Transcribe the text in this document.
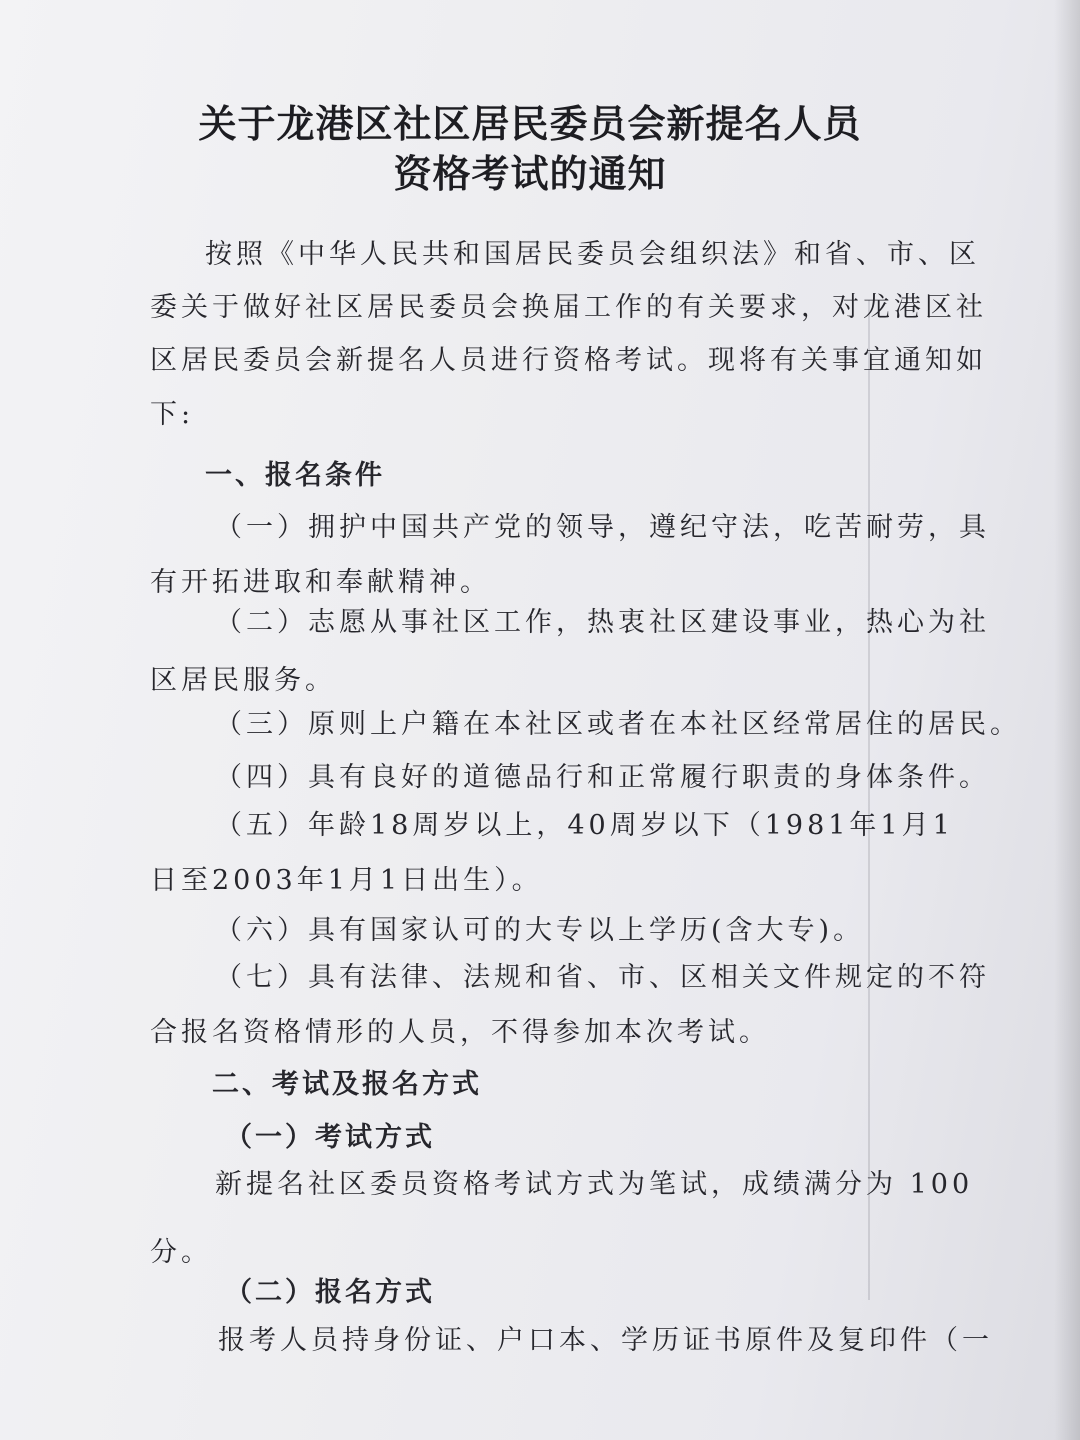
关于龙港区社区居民委员会新提名人员
资格考试的通知
按照《中华人民共和国居民委员会组织法》和省、市、区
委关于做好社区居民委员会换届工作的有关要求，对龙港区社
区居民委员会新提名人员进行资格考试。现将有关事宜通知如
下:
一、报名条件
（一）拥护中国共产党的领导，遵纪守法，吃苦耐劳，具
有开拓进取和奉献精神。
（二）志愿从事社区工作，热衷社区建设事业，热心为社
区居民服务。
（三）原则上户籍在本社区或者在本社区经常居住的居民。
（四）具有良好的道德品行和正常履行职责的身体条件。
（五）年龄18周岁以上，40周岁以下（1981年1月1
日至2003年1月1日出生）。
（六）具有国家认可的大专以上学历(含大专)。
（七）具有法律、法规和省、市、区相关文件规定的不符
合报名资格情形的人员，不得参加本次考试。
二、考试及报名方式
（一）考试方式
新提名社区委员资格考试方式为笔试，成绩满分为 100
分。
（二）报名方式
报考人员持身份证、户口本、学历证书原件及复印件（一
